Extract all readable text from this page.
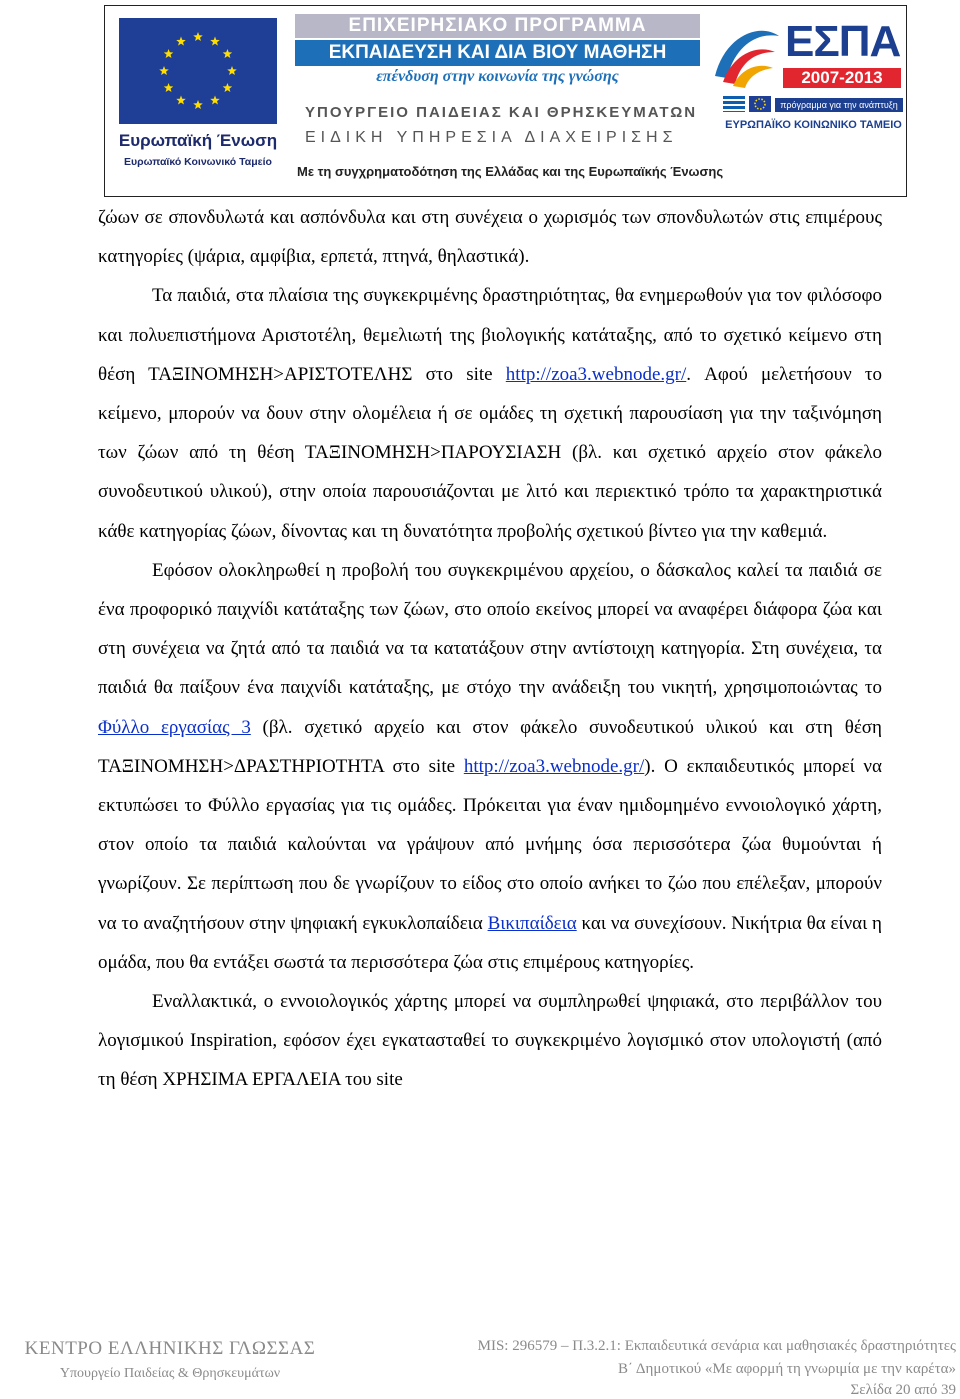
Ευρωπαϊκή Ένωση
Ευρωπαϊκό Κοινωνικό Ταμείο
ΕΠΙΧΕΙΡΗΣΙΑΚΟ ΠΡΟΓΡΑΜΜΑ
ΕΚΠΑΙΔΕΥΣΗ ΚΑΙ ΔΙΑ ΒΙΟΥ ΜΑΘΗΣΗ
επένδυση στην κοινωνία της γνώσης
ΥΠΟΥΡΓΕΙΟ ΠΑΙΔΕΙΑΣ ΚΑΙ ΘΡΗΣΚΕΥΜΑΤΩΝ
ΕΙΔΙΚΗ ΥΠΗΡΕΣΙΑ ΔΙΑΧΕΙΡΙΣΗΣ
Με τη συγχρηματοδότηση της Ελλάδας και της Ευρωπαϊκής Ένωσης
ΕΣΠΑ
2007-2013
πρόγραμμα για την ανάπτυξη
ΕΥΡΩΠΑΪΚΟ ΚΟΙΝΩΝΙΚΟ ΤΑΜΕΙΟ

ζώων σε σπονδυλωτά και ασπόνδυλα και στη συνέχεια ο χωρισμός των σπονδυλωτών στις επιμέρους κατηγορίες (ψάρια, αμφίβια, ερπετά, πτηνά, θηλαστικά).

Τα παιδιά, στα πλαίσια της συγκεκριμένης δραστηριότητας, θα ενημερωθούν για τον φιλόσοφο και πολυεπιστήμονα Αριστοτέλη, θεμελιωτή της βιολογικής κατάταξης, από το σχετικό κείμενο στη θέση ΤΑΞΙΝΟΜΗΣΗ>ΑΡΙΣΤΟΤΕΛΗΣ στο site http://zoa3.webnode.gr/. Αφού μελετήσουν το κείμενο, μπορούν να δουν στην ολομέλεια ή σε ομάδες τη σχετική παρουσίαση για την ταξινόμηση των ζώων από τη θέση ΤΑΞΙΝΟΜΗΣΗ>ΠΑΡΟΥΣΙΑΣΗ (βλ. και σχετικό αρχείο στον φάκελο συνοδευτικού υλικού), στην οποία παρουσιάζονται με λιτό και περιεκτικό τρόπο τα χαρακτηριστικά κάθε κατηγορίας ζώων, δίνοντας και τη δυνατότητα προβολής σχετικού βίντεο για την καθεμιά.

Εφόσον ολοκληρωθεί η προβολή του συγκεκριμένου αρχείου, ο δάσκαλος καλεί τα παιδιά σε ένα προφορικό παιχνίδι κατάταξης των ζώων, στο οποίο εκείνος μπορεί να αναφέρει διάφορα ζώα και στη συνέχεια να ζητά από τα παιδιά να τα κατατάξουν στην αντίστοιχη κατηγορία. Στη συνέχεια, τα παιδιά θα παίξουν ένα παιχνίδι κατάταξης, με στόχο την ανάδειξη του νικητή, χρησιμοποιώντας το Φύλλο εργασίας 3 (βλ. σχετικό αρχείο και στον φάκελο συνοδευτικού υλικού και στη θέση ΤΑΞΙΝΟΜΗΣΗ>ΔΡΑΣΤΗΡΙΟΤΗΤΑ στο site http://zoa3.webnode.gr/). Ο εκπαιδευτικός μπορεί να εκτυπώσει το Φύλλο εργασίας για τις ομάδες. Πρόκειται για έναν ημιδομημένο εννοιολογικό χάρτη, στον οποίο τα παιδιά καλούνται να γράψουν από μνήμης όσα περισσότερα ζώα θυμούνται ή γνωρίζουν. Σε περίπτωση που δε γνωρίζουν το είδος στο οποίο ανήκει το ζώο που επέλεξαν, μπορούν να το αναζητήσουν στην ψηφιακή εγκυκλοπαίδεια Βικιπαίδεια και να συνεχίσουν. Νικήτρια θα είναι η ομάδα, που θα εντάξει σωστά τα περισσότερα ζώα στις επιμέρους κατηγορίες.

Εναλλακτικά, ο εννοιολογικός χάρτης μπορεί να συμπληρωθεί ψηφιακά, στο περιβάλλον του λογισμικού Inspiration, εφόσον έχει εγκατασταθεί το συγκεκριμένο λογισμικό στον υπολογιστή (από τη θέση ΧΡΗΣΙΜΑ ΕΡΓΑΛΕΙΑ του site

ΚΕΝΤΡΟ ΕΛΛΗΝΙΚΗΣ ΓΛΩΣΣΑΣ
Υπουργείο Παιδείας & Θρησκευμάτων
MIS: 296579 – Π.3.2.1: Εκπαιδευτικά σενάρια και μαθησιακές δραστηριότητες
Β΄ Δημοτικού «Με αφορμή τη γνωριμία με την καρέτα»
Σελίδα 20 από 39
